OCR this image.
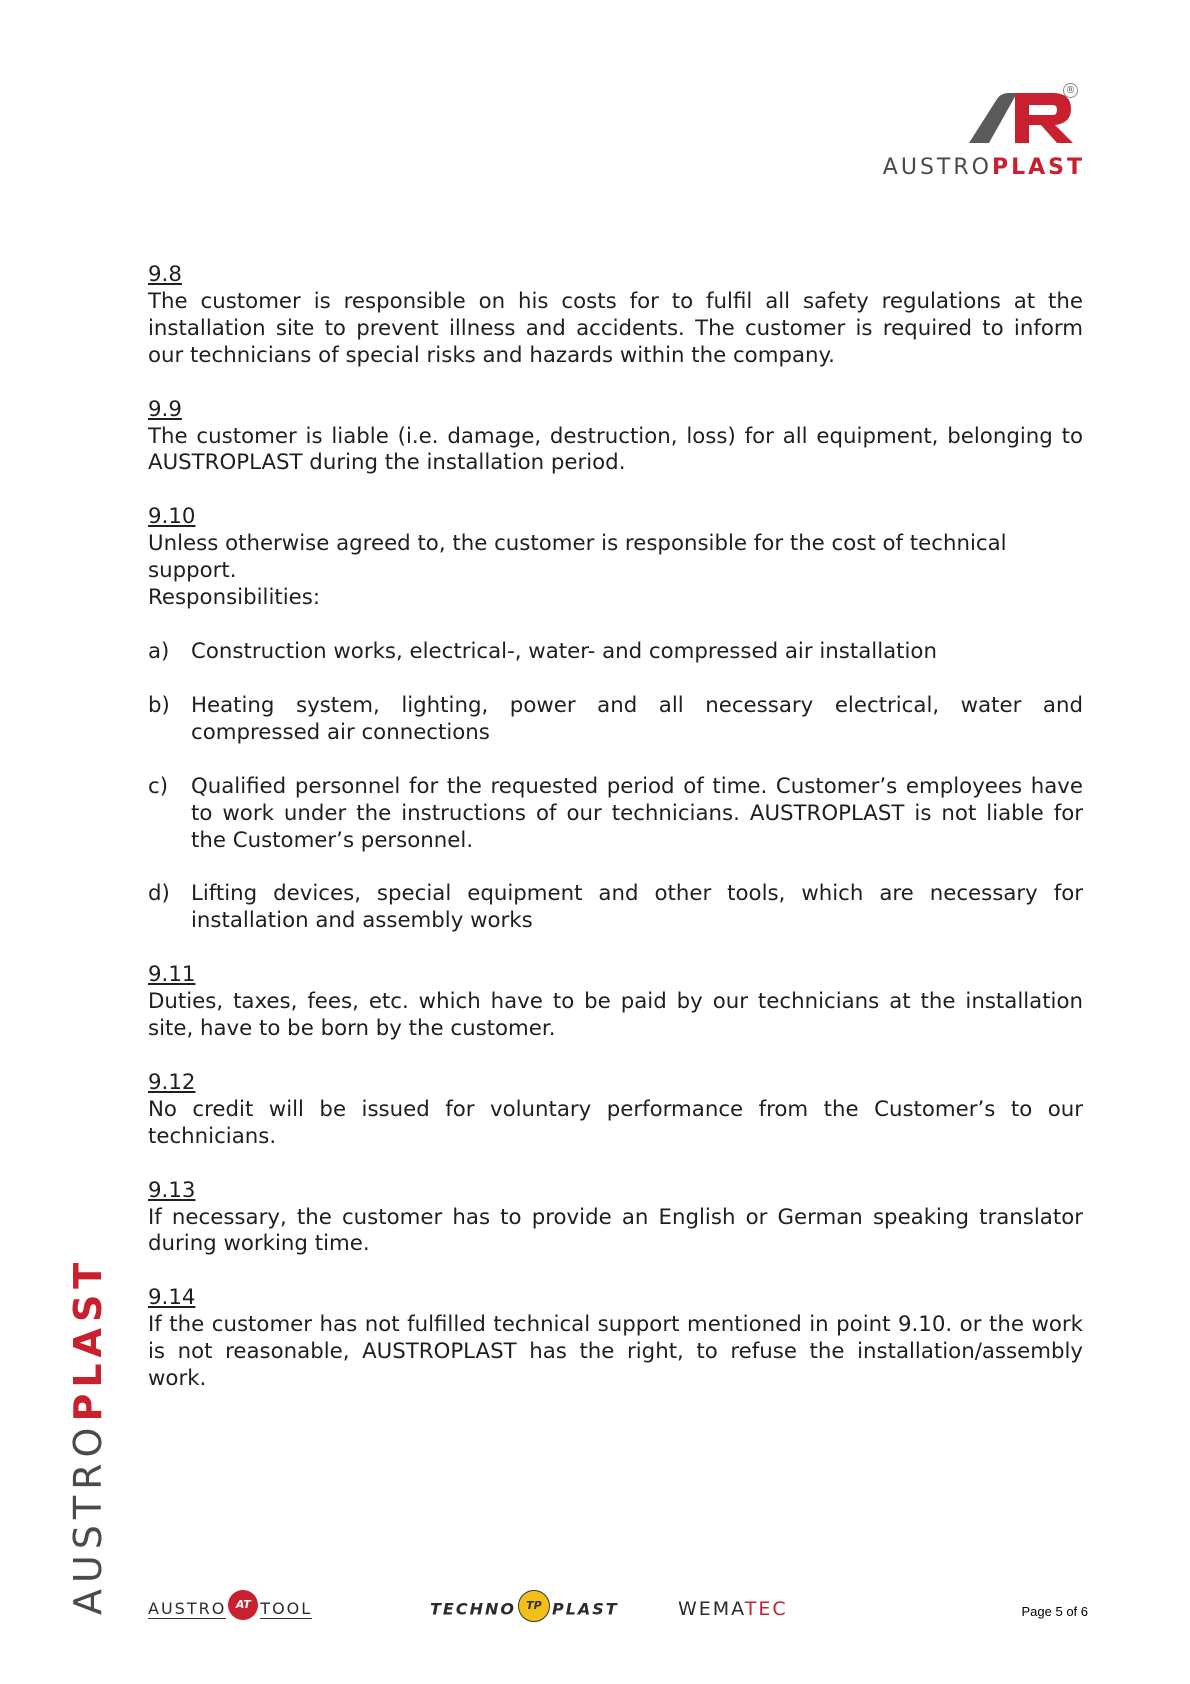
®
AUSTROPLAST
9.8
The customer is responsible on his costs for to fulfil all safety regulations at the installation site to prevent illness and accidents. The customer is required to inform our technicians of special risks and hazards within the company.
9.9
The customer is liable (i.e. damage, destruction, loss) for all equipment, belonging to AUSTROPLAST during the installation period.
9.10
Unless otherwise agreed to, the customer is responsible for the cost of technical
support.
Responsibilities:
a)	Construction works, electrical-, water- and compressed air installation
b) Heating system, lighting, power and all necessary electrical, water and compressed air connections
c)	Qualified personnel for the requested period of time. Customer’s employees have to work under the instructions of our technicians. AUSTROPLAST is not liable for the Customer’s personnel.
d) Lifting devices, special equipment and other tools, which are necessary for installation and assembly works
9.11
Duties, taxes, fees, etc. which have to be paid by our technicians at the installation site, have to be born by the customer.
9.12
No credit will be issued for voluntary performance from the Customer’s to our technicians.
9.13
If necessary, the customer has to provide an English or German speaking translator during working time.
9.14
If the customer has not fulfilled technical support mentioned in point 9.10. or the work is not reasonable, AUSTROPLAST has the right, to refuse the installation/assembly work.
AUSTROPLAST
AUSTRO AT TOOL	TECHNO TP PLAST	WEMATEC	Page 5 of 6
